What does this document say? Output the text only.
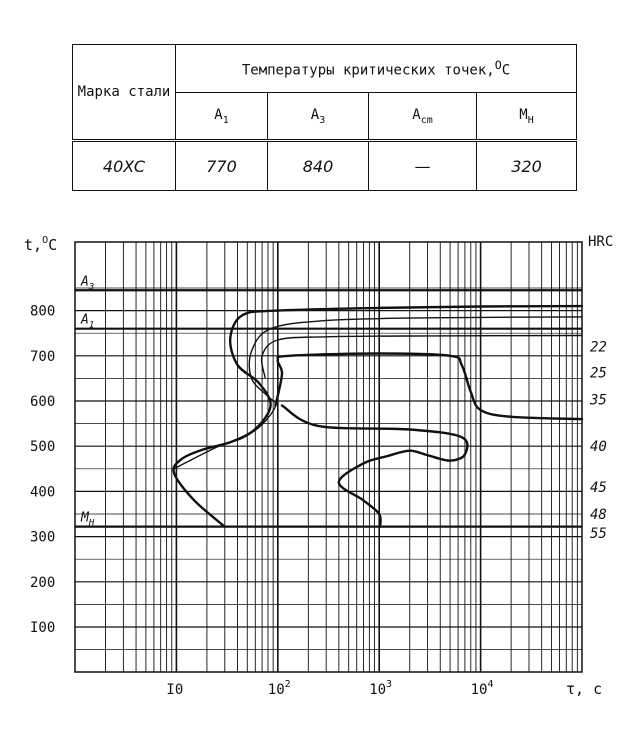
Марка стали	Температуры критических точек,$^O$C			
	$A_1$	$A_3$	$A_{cm}$	$M_H$
40XC	770	840	—	320
$A_3$
$A_1$
$M_H$
I00
200
300
400
500
600
700
800
t,$^O$C
I0	$10^2$	$10^3$	$10^4$	τ, c
HRC
22
25
35
40
45
48
55
